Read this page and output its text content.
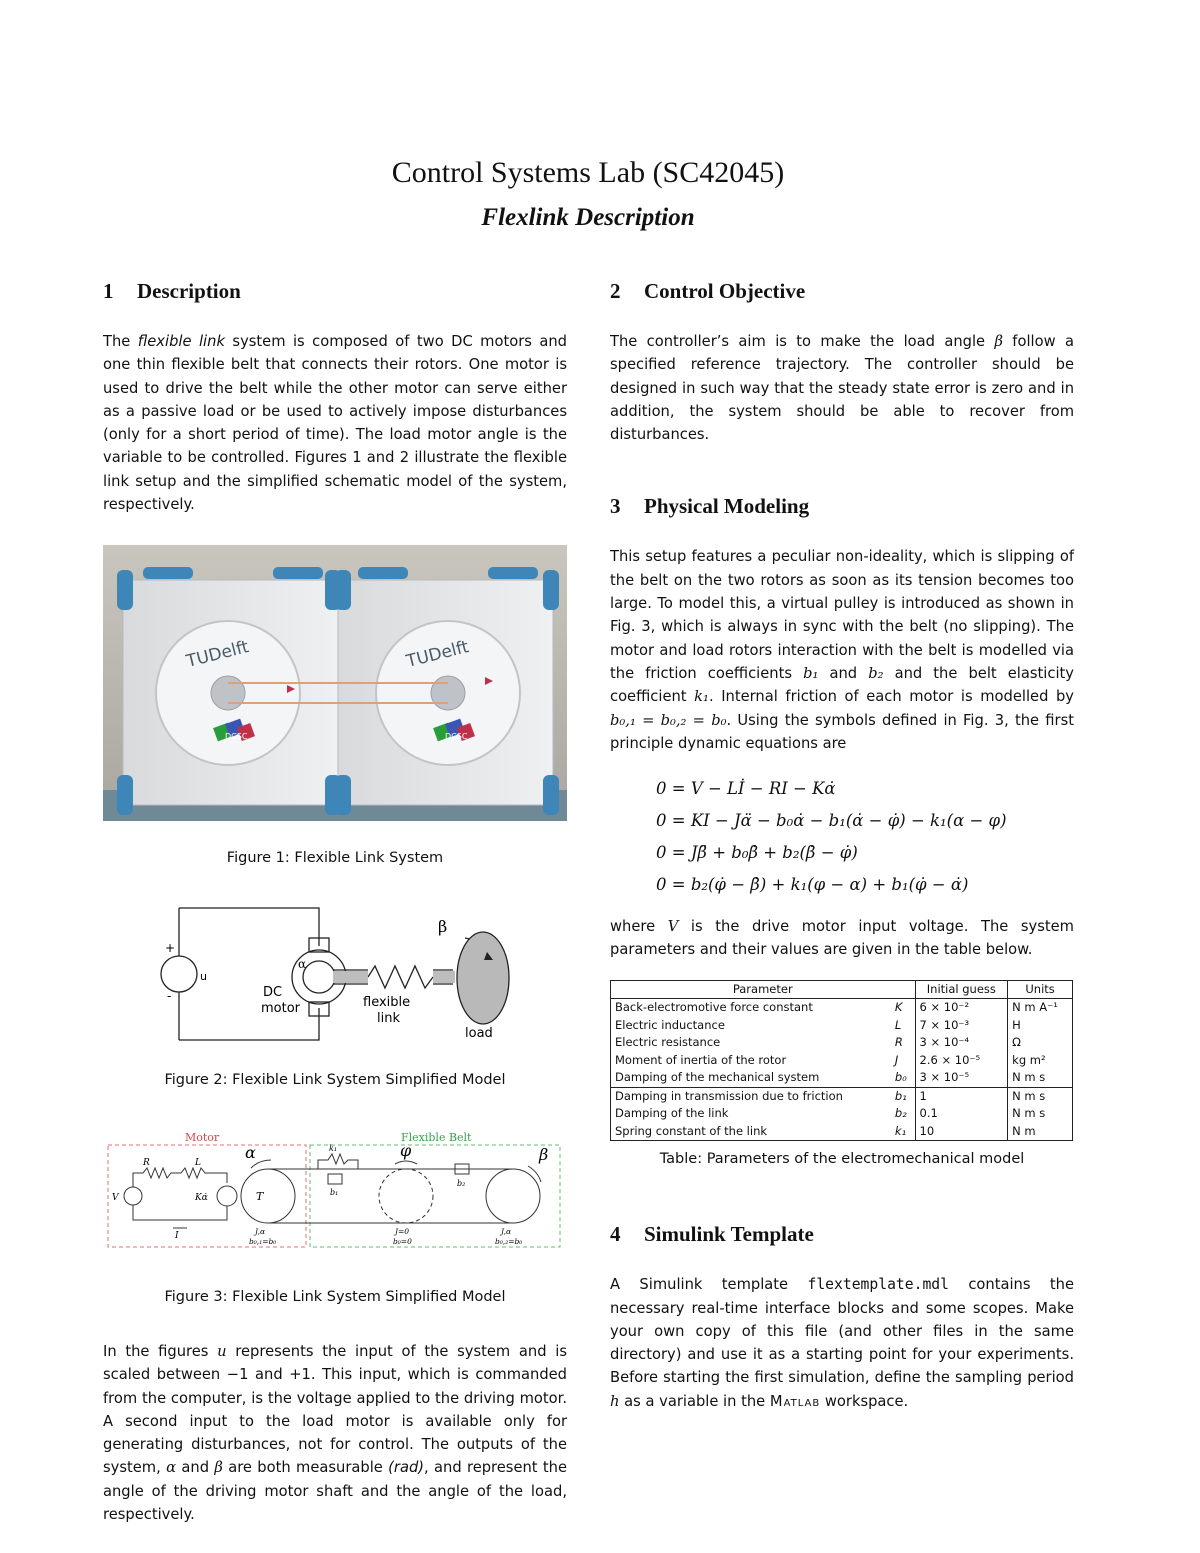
Control Systems Lab (SC42045)
Flexlink Description
1 Description

The flexible link system is composed of two DC motors and one thin flexible belt that connects their rotors. One motor is used to drive the belt while the other motor can serve either as a passive load or be used to actively impose disturbances (only for a short period of time). The load motor angle is the variable to be controlled. Figures 1 and 2 illustrate the flexible link setup and the simplified schematic model of the system, respectively.

TUDelft	TUDelft
DCSC	DCSC
Figure 1: Flexible Link System
+
-
u
α
β
DC
motor	flexible
link
load
Figure 2: Flexible Link System Simplified Model
Motor	Flexible Belt
R	L
V	Kα̇
I
T
α	φ	β
k₁
b₁
b₂
J,α
b₀,₁=b₀
J=0
b₀=0
J,α
b₀,₂=b₀
Figure 3: Flexible Link System Simplified Model

In the figures u represents the input of the system and is scaled between −1 and +1. This input, which is commanded from the computer, is the voltage applied to the driving motor. A second input to the load motor is available only for generating disturbances, not for control. The outputs of the system, α and β are both measurable (rad), and represent the angle of the driving motor shaft and the angle of the load, respectively.

2 Control Objective

The controller’s aim is to make the load angle β follow a specified reference trajectory. The controller should be designed in such way that the steady state error is zero and in addition, the system should be able to recover from disturbances.

3 Physical Modeling

This setup features a peculiar non-ideality, which is slipping of the belt on the two rotors as soon as its tension becomes too large. To model this, a virtual pulley is introduced as shown in Fig. 3, which is always in sync with the belt (no slipping). The motor and load rotors interaction with the belt is modelled via the friction coefficients b₁ and b₂ and the belt elasticity coefficient k₁. Internal friction of each motor is modelled by b₀,₁ = b₀,₂ = b₀. Using the symbols defined in Fig. 3, the first principle dynamic equations are

0 = V − Lİ − RI − Kα̇
0 = KI − Jα̈ − b₀α̇ − b₁(α̇ − φ̇) − k₁(α − φ)
0 = Jβ̈ + b₀β̇ + b₂(β̇ − φ̇)
0 = b₂(φ̇ − β̇) + k₁(φ − α) + b₁(φ̇ − α̇)

where V is the drive motor input voltage. The system parameters and their values are given in the table below.

Parameter		Initial guess	Units
Back-electromotive force constant	K	6 × 10⁻²	N m A⁻¹
Electric inductance	L	7 × 10⁻³	H
Electric resistance	R	3 × 10⁻⁴	Ω
Moment of inertia of the rotor	J	2.6 × 10⁻⁵	kg m²
Damping of the mechanical system	b₀	3 × 10⁻⁵	N m s
Damping in transmission due to friction	b₁	1	N m s
Damping of the link	b₂	0.1	N m s
Spring constant of the link	k₁	10	N m
Table: Parameters of the electromechanical model
4 Simulink Template

A Simulink template flextemplate.mdl contains the necessary real-time interface blocks and some scopes. Make your own copy of this file (and other files in the same directory) and use it as a starting point for your experiments. Before starting the first simulation, define the sampling period h as a variable in the Matlab workspace.
